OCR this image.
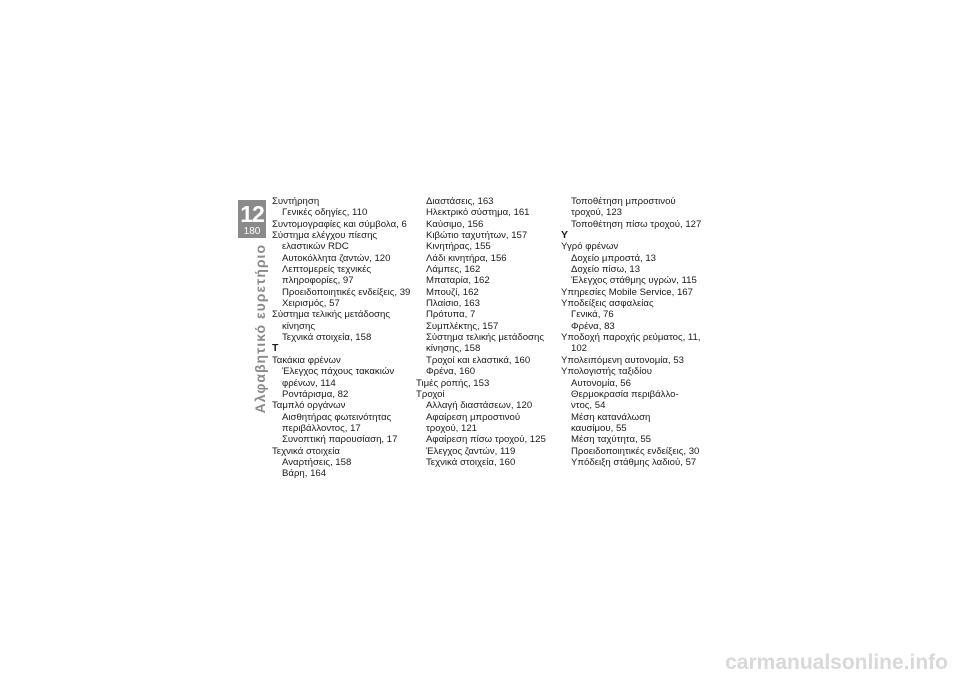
12
180
Αλφαβητικό ευρετήριο
Συντήρηση
Γενικές οδηγίες, 110
Συντομογραφίες και σύμβολα, 6
Σύστημα ελέγχου πίεσης
ελαστικών RDC
Αυτοκόλλητα ζαντών, 120
Λεπτομερείς τεχνικές
πληροφορίες, 97
Προειδοποιητικές ενδείξεις, 39
Χειρισμός, 57
Σύστημα τελικής μετάδοσης
κίνησης
Τεχνικά στοιχεία, 158
Τ
Τακάκια φρένων
Έλεγχος πάχους τακακιών
φρένων, 114
Ροντάρισμα, 82
Ταμπλό οργάνων
Αισθητήρας φωτεινότητας
περιβάλλοντος, 17
Συνοπτική παρουσίαση, 17
Τεχνικά στοιχεία
Αναρτήσεις, 158
Βάρη, 164
Διαστάσεις, 163
Ηλεκτρικό σύστημα, 161
Καύσιμο, 156
Κιβώτιο ταχυτήτων, 157
Κινητήρας, 155
Λάδι κινητήρα, 156
Λάμπες, 162
Μπαταρία, 162
Μπουζί, 162
Πλαίσιο, 163
Πρότυπα, 7
Συμπλέκτης, 157
Σύστημα τελικής μετάδοσης
κίνησης, 158
Τροχοί και ελαστικά, 160
Φρένα, 160
Τιμές ροπής, 153
Τροχοί
Αλλαγή διαστάσεων, 120
Αφαίρεση μπροστινού
τροχού, 121
Αφαίρεση πίσω τροχού, 125
Έλεγχος ζαντών, 119
Τεχνικά στοιχεία, 160
Τοποθέτηση μπροστινού
τροχού, 123
Τοποθέτηση πίσω τροχού, 127
Υ
Υγρό φρένων
Δοχείο μπροστά, 13
Δοχείο πίσω, 13
Έλεγχος στάθμης υγρών, 115
Υπηρεσίες Mobile Service, 167
Υποδείξεις ασφαλείας
Γενικά, 76
Φρένα, 83
Υποδοχή παροχής ρεύματος, 11,
102
Υπολειπόμενη αυτονομία, 53
Υπολογιστής ταξιδίου
Αυτονομία, 56
Θερμοκρασία περιβάλλο-
ντος, 54
Μέση κατανάλωση
καυσίμου, 55
Μέση ταχύτητα, 55
Προειδοποιητικές ενδείξεις, 30
Υπόδειξη στάθμης λαδιού, 57
carmanualsonline.info
